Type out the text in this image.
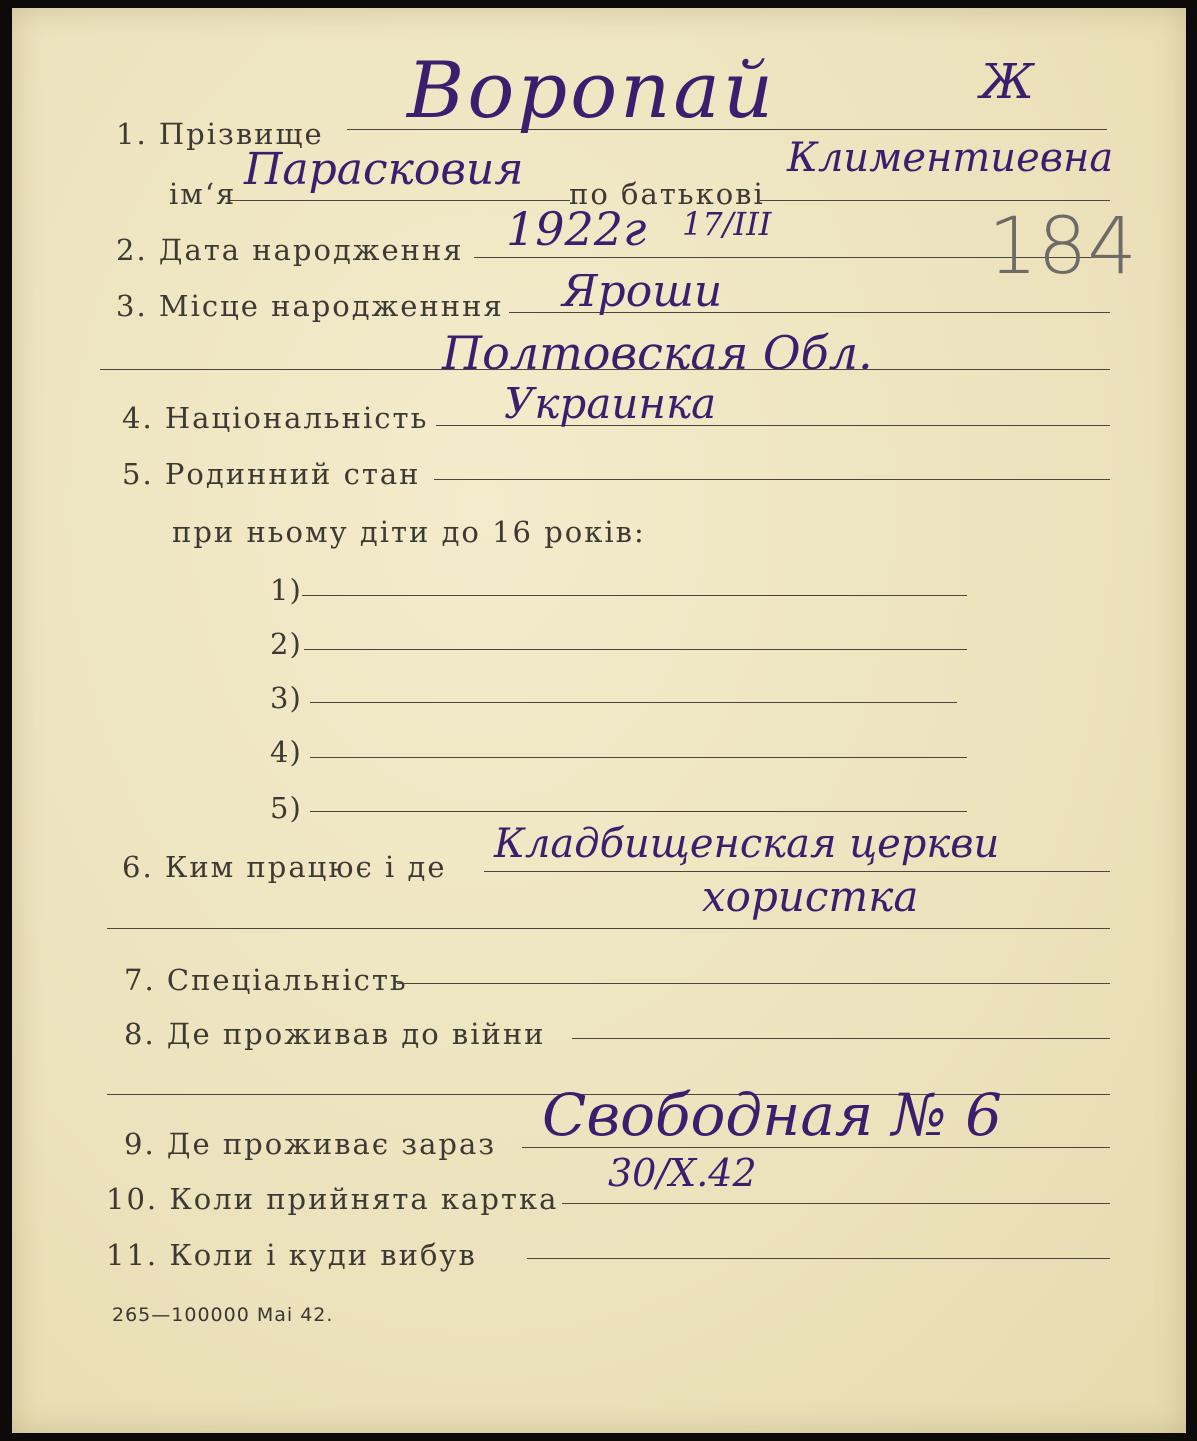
1. Прізвище Воропай	Ж
ім‘я Парасковия по батькові
Климентиевна
2. Дата народження 1922г 17/III	184
3. Місце народженння Ярошu
Полтовская Обл.
4. Національність Украинка
5. Родинний стан
при ньому діти до 16 років:
1)
2)
3)
4)
5)
6. Ким працює і де Кладбищенская церкви
хористка
7. Спеціальність
8. Де проживав до війни
9. Де проживає зараз Свободная № 6
10. Коли прийнята картка
30/Х.42
11. Коли і куди вибув
265—100000 Mai 42.
